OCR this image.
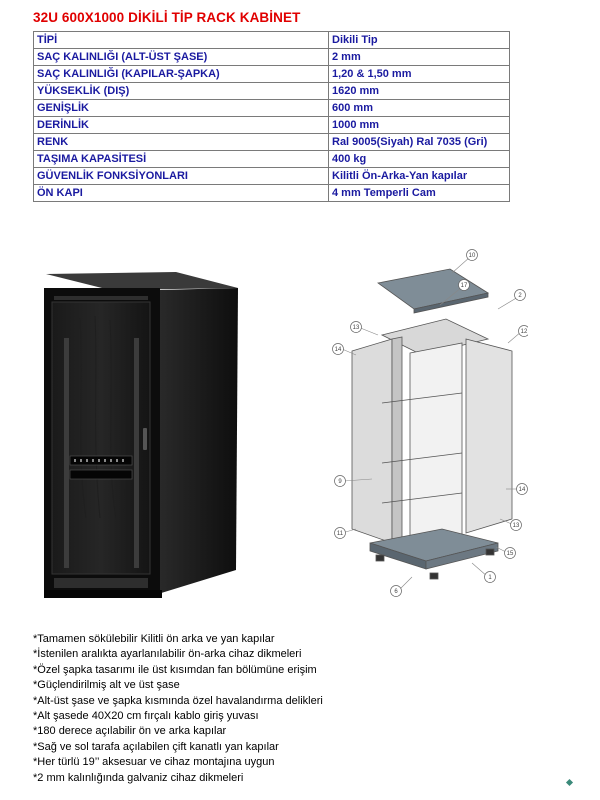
32U 600X1000 DİKİLİ TİP RACK KABİNET
TİPİ	Dikili Tip
SAÇ KALINLIĞI (ALT-ÜST ŞASE)	2 mm
SAÇ KALINLIĞI (KAPILAR-ŞAPKA)	1,20 & 1,50 mm
YÜKSEKLİK (DIŞ)	1620 mm
GENİŞLİK	600 mm
DERİNLİK	1000 mm
RENK	Ral 9005(Siyah) Ral 7035 (Gri)
TAŞIMA KAPASİTESİ	400 kg
GÜVENLİK FONKSİYONLARI	Kilitli Ön-Arka-Yan kapılar
ÖN KAPI	4 mm Temperli Cam
10
17
2
13
12
14
9
14
11
13
15
1
6
*Tamamen sökülebilir Kilitli ön arka ve yan kapılar
*İstenilen aralıkta ayarlanılabilir ön-arka cihaz dikmeleri
*Özel şapka tasarımı ile üst kısımdan fan bölümüne erişim
*Güçlendirilmiş alt ve üst şase
*Alt-üst şase ve şapka kısmında özel havalandırma delikleri
*Alt şasede 40X20 cm fırçalı kablo giriş yuvası
*180 derece açılabilir ön ve arka kapılar
*Sağ ve sol tarafa açılabilen çift kanatlı yan kapılar
*Her türlü 19’’ aksesuar ve cihaz montajına uygun
*2 mm kalınlığında galvaniz cihaz dikmeleri
